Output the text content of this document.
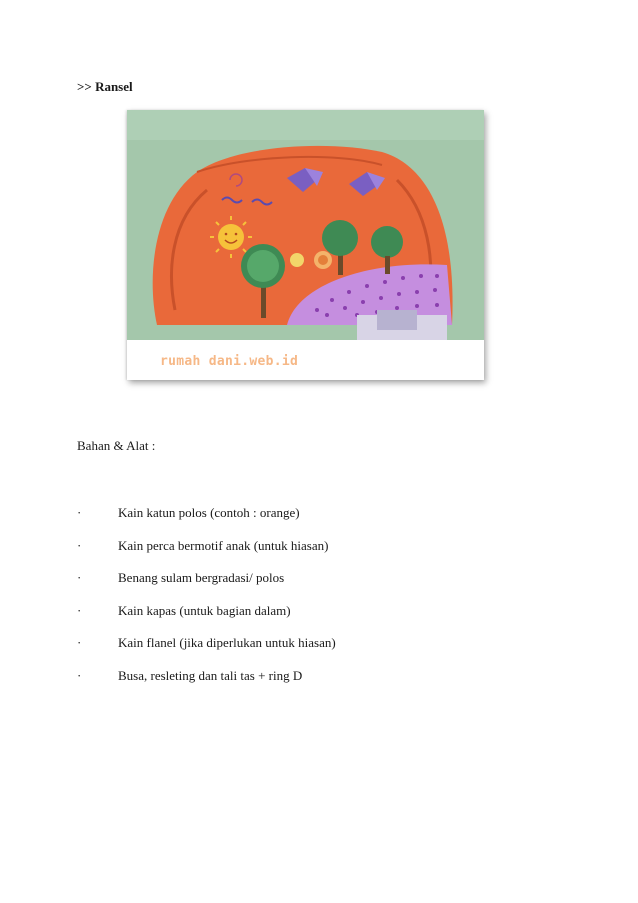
>> Ransel
rumah dani.web.id
Bahan & Alat :
·	Kain katun polos (contoh : orange)
·	Kain perca bermotif anak (untuk hiasan)
·	Benang sulam bergradasi/ polos
·	Kain kapas (untuk bagian dalam)
·	Kain flanel (jika diperlukan untuk hiasan)
·	Busa, resleting dan tali tas + ring D
